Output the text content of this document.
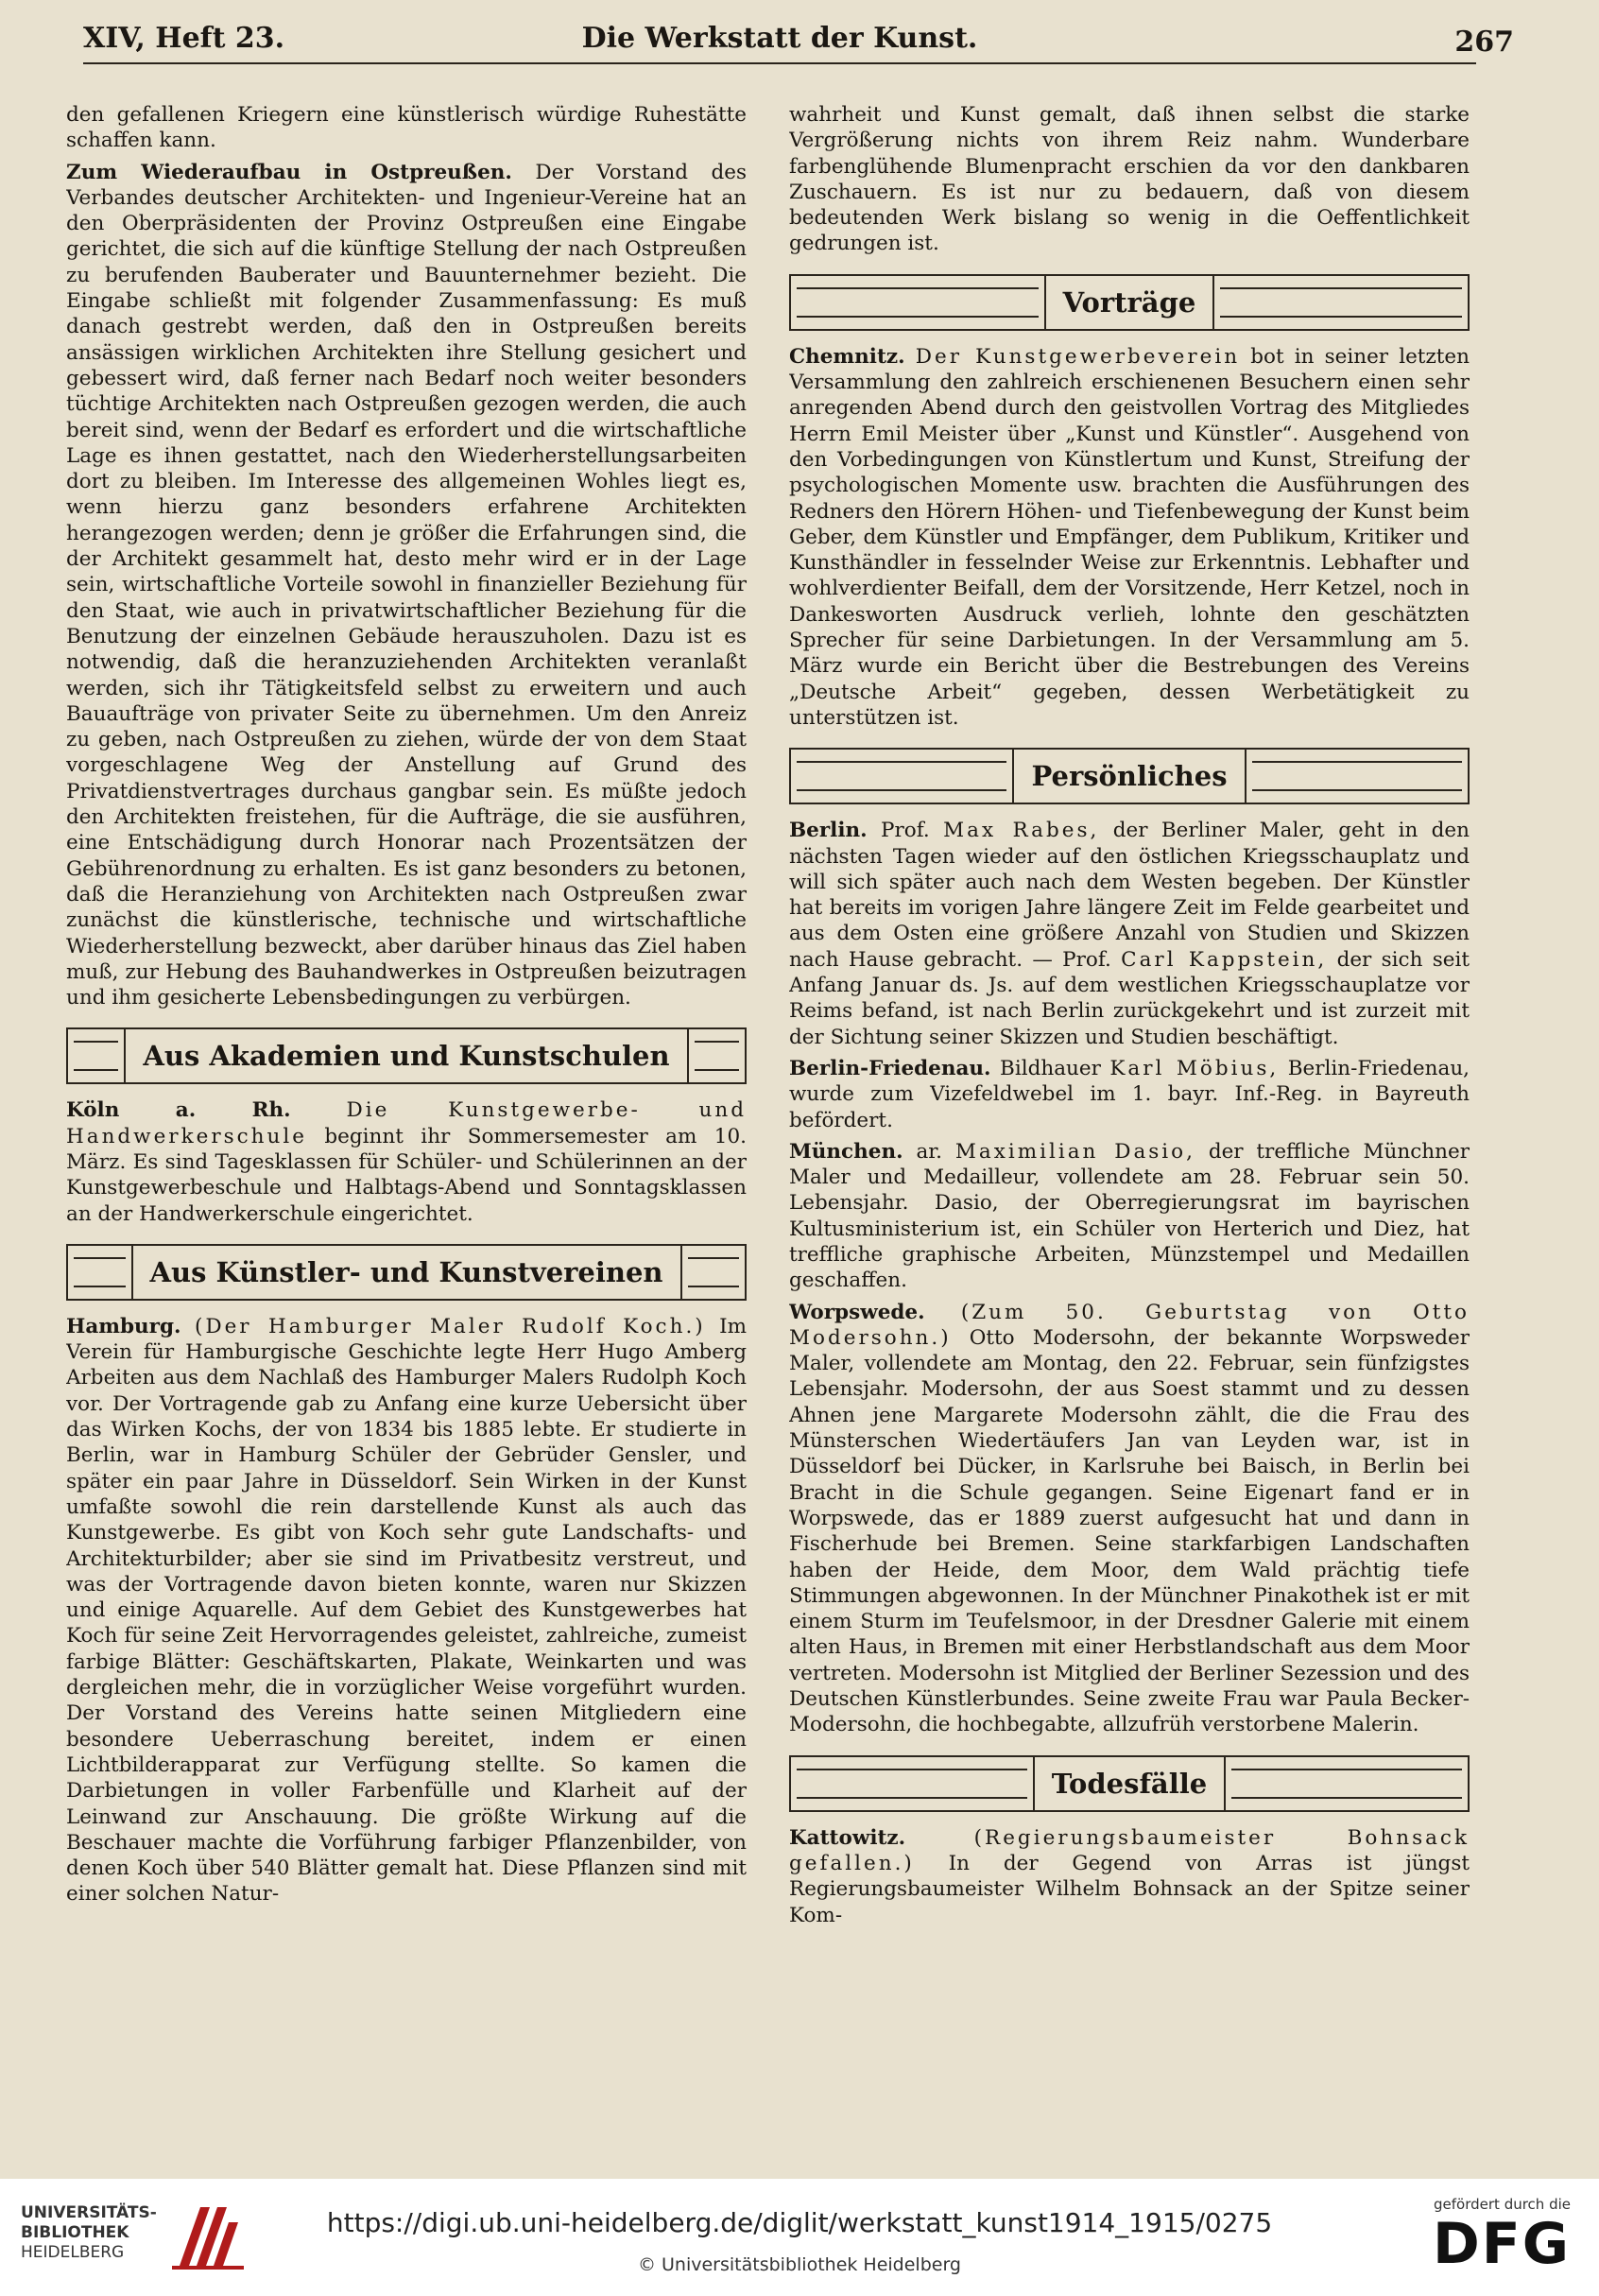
XIV, Heft 23.	Die Werkstatt der Kunst.	267

den gefallenen Kriegern eine künstlerisch würdige Ruhestätte schaffen kann.

Zum Wiederaufbau in Ostpreußen. Der Vorstand des Verbandes deutscher Architekten- und Ingenieur-Vereine hat an den Oberpräsidenten der Provinz Ostpreußen eine Eingabe gerichtet, die sich auf die künftige Stellung der nach Ostpreußen zu berufenden Bauberater und Bauunternehmer bezieht. Die Eingabe schließt mit folgender Zusammenfassung: Es muß danach gestrebt werden, daß den in Ostpreußen bereits ansässigen wirklichen Architekten ihre Stellung gesichert und gebessert wird, daß ferner nach Bedarf noch weiter besonders tüchtige Architekten nach Ostpreußen gezogen werden, die auch bereit sind, wenn der Bedarf es erfordert und die wirtschaftliche Lage es ihnen gestattet, nach den Wiederherstellungsarbeiten dort zu bleiben. Im Interesse des allgemeinen Wohles liegt es, wenn hierzu ganz besonders erfahrene Architekten herangezogen werden; denn je größer die Erfahrungen sind, die der Architekt gesammelt hat, desto mehr wird er in der Lage sein, wirtschaftliche Vorteile sowohl in finanzieller Beziehung für den Staat, wie auch in privatwirtschaftlicher Beziehung für die Benutzung der einzelnen Gebäude herauszuholen. Dazu ist es notwendig, daß die heranzuziehenden Architekten veranlaßt werden, sich ihr Tätigkeitsfeld selbst zu erweitern und auch Bauaufträge von privater Seite zu übernehmen. Um den Anreiz zu geben, nach Ostpreußen zu ziehen, würde der von dem Staat vorgeschlagene Weg der Anstellung auf Grund des Privatdienstvertrages durchaus gangbar sein. Es müßte jedoch den Architekten freistehen, für die Aufträge, die sie ausführen, eine Entschädigung durch Honorar nach Prozentsätzen der Gebührenordnung zu erhalten. Es ist ganz besonders zu betonen, daß die Heranziehung von Architekten nach Ostpreußen zwar zunächst die künstlerische, technische und wirtschaftliche Wiederherstellung bezweckt, aber darüber hinaus das Ziel haben muß, zur Hebung des Bauhandwerkes in Ostpreußen beizutragen und ihm gesicherte Lebensbedingungen zu verbürgen.

Aus Akademien und Kunstschulen

Köln a. Rh.	Die Kunstgewerbe- und Handwerkerschule beginnt ihr Sommersemester am 10. März. Es sind Tagesklassen für Schüler- und Schülerinnen an der Kunstgewerbeschule und Halbtags-Abend und Sonntagsklassen an der Handwerkerschule eingerichtet.

Aus Künstler- und Kunstvereinen

Hamburg. (Der Hamburger Maler Rudolf Koch.) Im Verein für Hamburgische Geschichte legte Herr Hugo Amberg Arbeiten aus dem Nachlaß des Hamburger Malers Rudolph Koch vor. Der Vortragende gab zu Anfang eine kurze Uebersicht über das Wirken Kochs, der von 1834 bis 1885 lebte. Er studierte in Berlin, war in Hamburg Schüler der Gebrüder Gensler, und später ein paar Jahre in Düsseldorf. Sein Wirken in der Kunst umfaßte sowohl die rein darstellende Kunst als auch das Kunstgewerbe. Es gibt von Koch sehr gute Landschafts- und Architekturbilder; aber sie sind im Privatbesitz verstreut, und was der Vortragende davon bieten konnte, waren nur Skizzen und einige Aquarelle. Auf dem Gebiet des Kunstgewerbes hat Koch für seine Zeit Hervorragendes geleistet, zahlreiche, zumeist farbige Blätter: Geschäftskarten, Plakate, Weinkarten und was dergleichen mehr, die in vorzüglicher Weise vorgeführt wurden. Der Vorstand des Vereins hatte seinen Mitgliedern eine besondere Ueberraschung bereitet, indem er einen Lichtbilderapparat zur Verfügung stellte. So kamen die Darbietungen in voller Farbenfülle und Klarheit auf der Leinwand zur Anschauung. Die größte Wirkung auf die Beschauer machte die Vorführung farbiger Pflanzenbilder, von denen Koch über 540 Blätter gemalt hat. Diese Pflanzen sind mit einer solchen Natur-

wahrheit und Kunst gemalt, daß ihnen selbst die starke Vergrößerung nichts von ihrem Reiz nahm. Wunderbare farbenglühende Blumenpracht erschien da vor den dankbaren Zuschauern. Es ist nur zu bedauern, daß von diesem bedeutenden Werk bislang so wenig in die Oeffentlichkeit gedrungen ist.

Vorträge

Chemnitz. Der Kunstgewerbeverein bot in seiner letzten Versammlung den zahlreich erschienenen Besuchern einen sehr anregenden Abend durch den geistvollen Vortrag des Mitgliedes Herrn Emil Meister über „Kunst und Künstler“. Ausgehend von den Vorbedingungen von Künstlertum und Kunst, Streifung der psychologischen Momente usw. brachten die Ausführungen des Redners den Hörern Höhen- und Tiefenbewegung der Kunst beim Geber, dem Künstler und Empfänger, dem Publikum, Kritiker und Kunsthändler in fesselnder Weise zur Erkenntnis. Lebhafter und wohlverdienter Beifall, dem der Vorsitzende, Herr Ketzel, noch in Dankesworten Ausdruck verlieh, lohnte den geschätzten Sprecher für seine Darbietungen. In der Versammlung am 5. März wurde ein Bericht über die Bestrebungen des Vereins „Deutsche Arbeit“ gegeben, dessen Werbetätigkeit zu unterstützen ist.

Persönliches

Berlin. Prof. Max Rabes, der Berliner Maler, geht in den nächsten Tagen wieder auf den östlichen Kriegsschauplatz und will sich später auch nach dem Westen begeben. Der Künstler hat bereits im vorigen Jahre längere Zeit im Felde gearbeitet und aus dem Osten eine größere Anzahl von Studien und Skizzen nach Hause gebracht. — Prof. Carl Kappstein, der sich seit Anfang Januar ds. Js. auf dem westlichen Kriegsschauplatze vor Reims befand, ist nach Berlin zurückgekehrt und ist zurzeit mit der Sichtung seiner Skizzen und Studien beschäftigt.

Berlin-Friedenau. Bildhauer Karl Möbius, Berlin-Friedenau, wurde zum Vizefeldwebel im 1. bayr. Inf.-Reg. in Bayreuth befördert.

München. ar. Maximilian Dasio, der treffliche Münchner Maler und Medailleur, vollendete am 28. Februar sein 50. Lebensjahr. Dasio, der Oberregierungsrat im bayrischen Kultusministerium ist, ein Schüler von Herterich und Diez, hat treffliche graphische Arbeiten, Münzstempel und Medaillen geschaffen.

Worpswede. (Zum 50. Geburtstag von Otto Modersohn.) Otto Modersohn, der bekannte Worpsweder Maler, vollendete am Montag, den 22. Februar, sein fünfzigstes Lebensjahr. Modersohn, der aus Soest stammt und zu dessen Ahnen jene Margarete Modersohn zählt, die die Frau des Münsterschen Wiedertäufers Jan van Leyden war, ist in Düsseldorf bei Dücker, in Karlsruhe bei Baisch, in Berlin bei Bracht in die Schule gegangen. Seine Eigenart fand er in Worpswede, das er 1889 zuerst aufgesucht hat und dann in Fischerhude bei Bremen. Seine starkfarbigen Landschaften haben der Heide, dem Moor, dem Wald prächtig tiefe Stimmungen abgewonnen. In der Münchner Pinakothek ist er mit einem Sturm im Teufelsmoor, in der Dresdner Galerie mit einem alten Haus, in Bremen mit einer Herbstlandschaft aus dem Moor vertreten. Modersohn ist Mitglied der Berliner Sezession und des Deutschen Künstlerbundes. Seine zweite Frau war Paula Becker-Modersohn, die hochbegabte, allzufrüh verstorbene Malerin.

Todesfälle

Kattowitz.	(Regierungsbaumeister Bohnsack gefallen.) In der Gegend von Arras ist jüngst Regierungsbaumeister Wilhelm Bohnsack an der Spitze seiner Kom-

UNIVERSITÄTS-
BIBLIOTHEK
HEIDELBERG
https://digi.ub.uni-heidelberg.de/diglit/werkstatt_kunst1914_1915/0275
© Universitätsbibliothek Heidelberg
gefördert durch die
DFG
